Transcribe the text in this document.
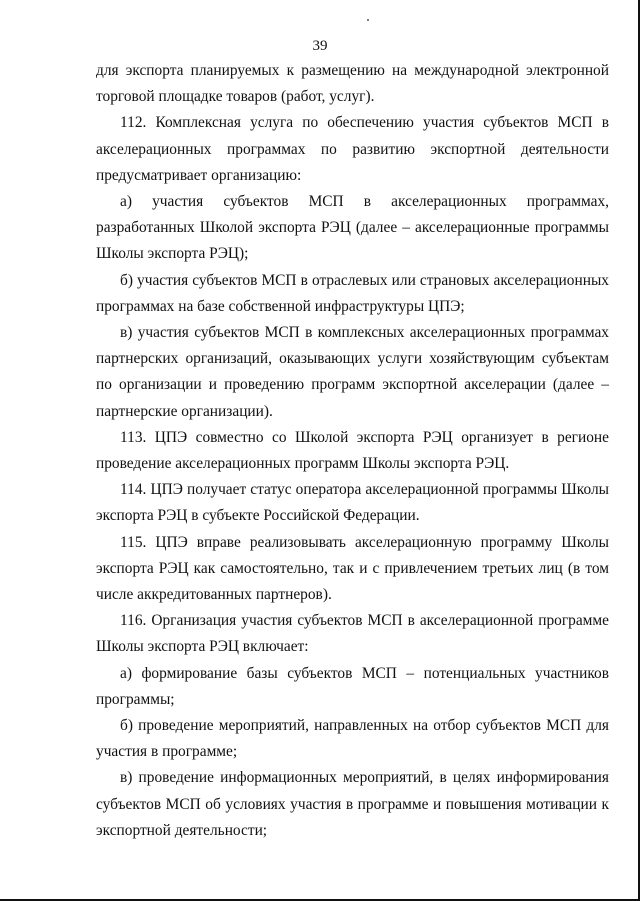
39

для экспорта планируемых к размещению на международной электронной торговой площадке товаров (работ, услуг).

112. Комплексная услуга по обеспечению участия субъектов МСП в акселерационных программах по развитию экспортной деятельности предусматривает организацию:

а) участия субъектов МСП в акселерационных программах, разработанных Школой экспорта РЭЦ (далее – акселерационные программы Школы экспорта РЭЦ);

б) участия субъектов МСП в отраслевых или страновых акселерационных программах на базе собственной инфраструктуры ЦПЭ;

в) участия субъектов МСП в комплексных акселерационных программах партнерских организаций, оказывающих услуги хозяйствующим субъектам по организации и проведению программ экспортной акселерации (далее – партнерские организации).

113. ЦПЭ совместно со Школой экспорта РЭЦ организует в регионе проведение акселерационных программ Школы экспорта РЭЦ.

114. ЦПЭ получает статус оператора акселерационной программы Школы экспорта РЭЦ в субъекте Российской Федерации.

115. ЦПЭ вправе реализовывать акселерационную программу Школы экспорта РЭЦ как самостоятельно, так и с привлечением третьих лиц (в том числе аккредитованных партнеров).

116. Организация участия субъектов МСП в акселерационной программе Школы экспорта РЭЦ включает:

а) формирование базы субъектов МСП – потенциальных участников программы;

б) проведение мероприятий, направленных на отбор субъектов МСП для участия в программе;

в) проведение информационных мероприятий, в целях информирования субъектов МСП об условиях участия в программе и повышения мотивации к экспортной деятельности;
